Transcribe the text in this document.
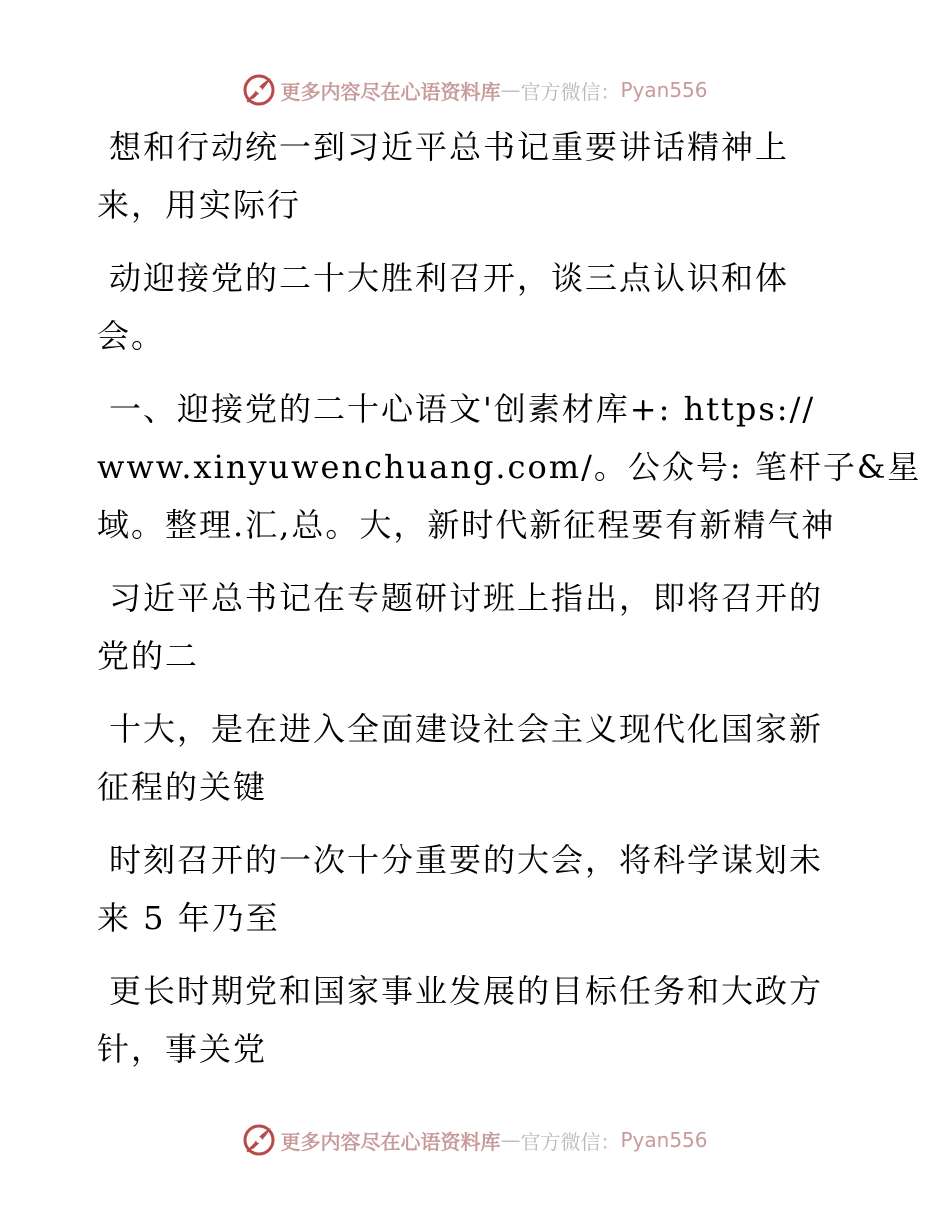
更多内容尽在心语资料库 — 官方微信： Pyan556

想和行动统一到习近平总书记重要讲话精神上
来，用实际行

动迎接党的二十大胜利召开，谈三点认识和体
会。

一、迎接党的二十心语文'创素材库+: https://
www.xinyuwenchuang.com/。公众号: 笔杆子&星
域。整理.汇,总。大，新时代新征程要有新精气神

习近平总书记在专题研讨班上指出，即将召开的
党的二

十大，是在进入全面建设社会主义现代化国家新
征程的关键

时刻召开的一次十分重要的大会，将科学谋划未
来 5 年乃至

更长时期党和国家事业发展的目标任务和大政方
针，事关党

更多内容尽在心语资料库 — 官方微信： Pyan556
